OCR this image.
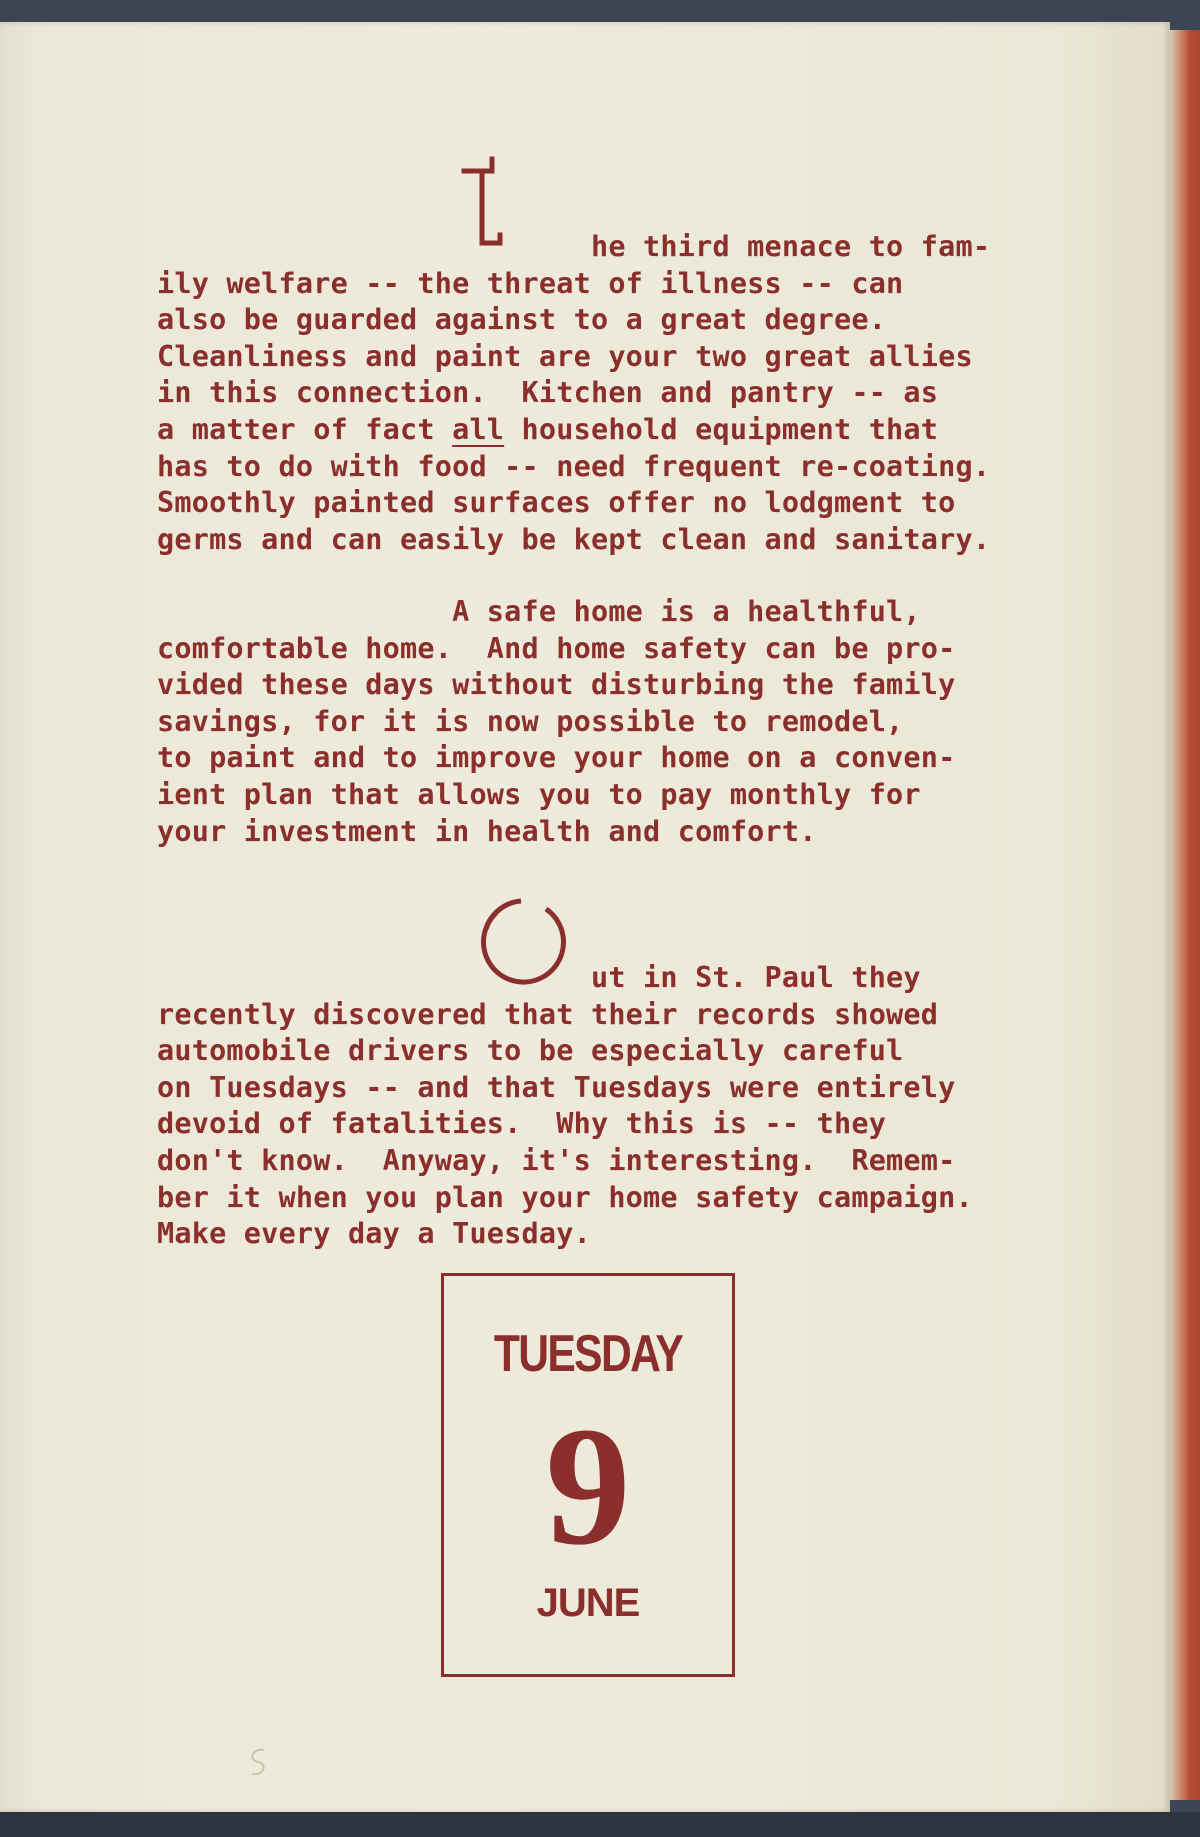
he third menace to fam-
ily welfare -- the threat of illness -- can
also be guarded against to a great degree.
Cleanliness and paint are your two great allies
in this connection.  Kitchen and pantry -- as
a matter of fact all household equipment that
has to do with food -- need frequent re-coating.
Smoothly painted surfaces offer no lodgment to
germs and can easily be kept clean and sanitary.
A safe home is a healthful,
comfortable home.  And home safety can be pro-
vided these days without disturbing the family
savings, for it is now possible to remodel,
to paint and to improve your home on a conven-
ient plan that allows you to pay monthly for
your investment in health and comfort.
ut in St. Paul they
recently discovered that their records showed
automobile drivers to be especially careful
on Tuesdays -- and that Tuesdays were entirely
devoid of fatalities.  Why this is -- they
don't know.  Anyway, it's interesting.  Remem-
ber it when you plan your home safety campaign.
Make every day a Tuesday.
TUESDAY
9
JUNE
